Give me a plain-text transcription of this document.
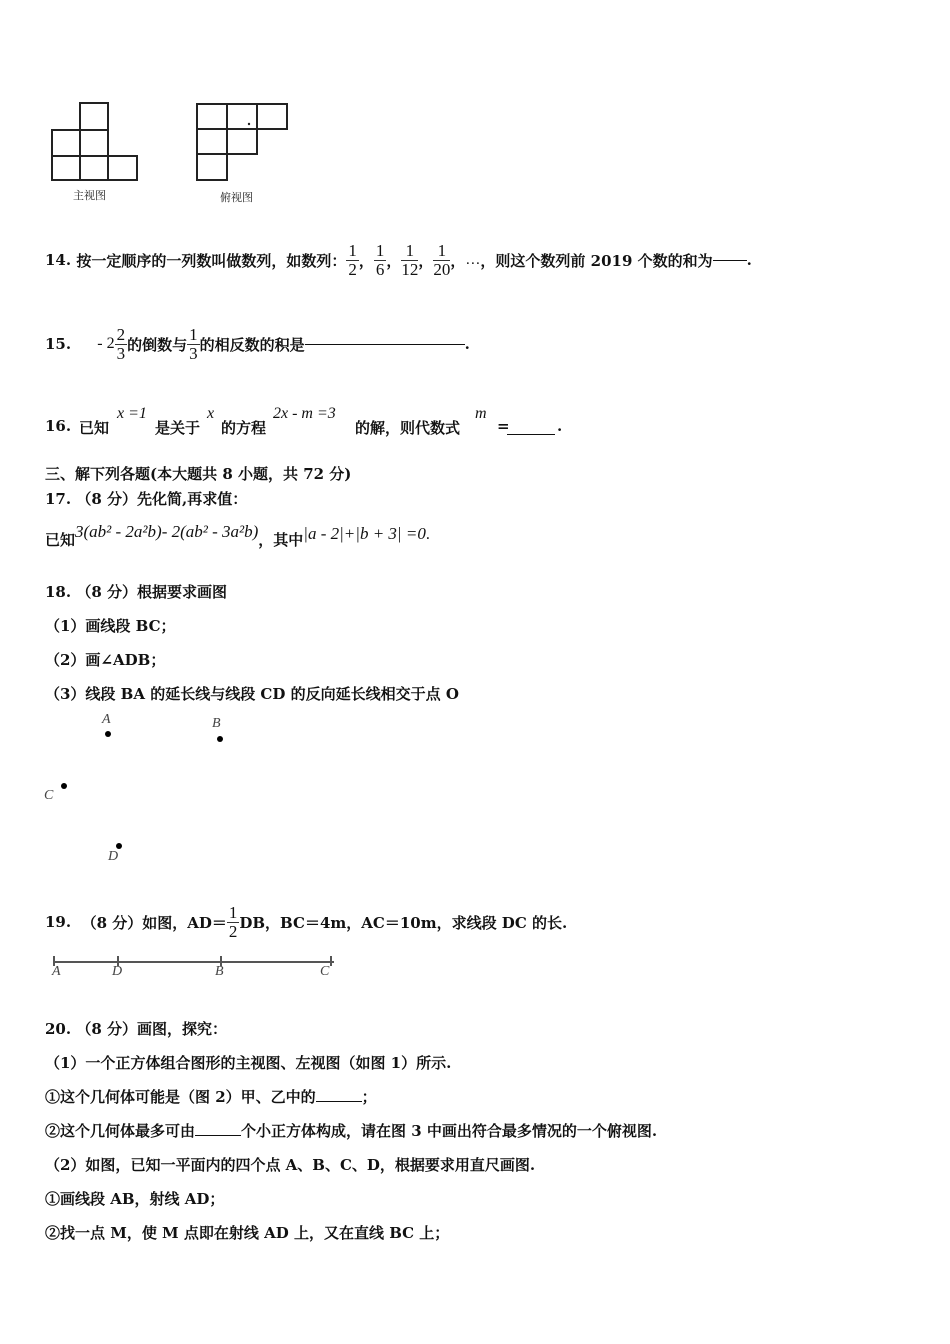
主视图	俯视图
14.
按一定顺序的一列数叫做数列，如数列： $\frac{1}{2}$ ， $\frac{1}{6}$ ， $\frac{1}{12}$ ， $\frac{1}{20}$ ， … ，则这个数列前 2019 个数的和为 .
15.
- $2 \frac{2}{3}$ 的倒数与 $\frac{1}{3}$ 的相反数的积是	.
16. 已知
x =1
是关于
x
的方程
2x - m =3
的解，则代数式
m
=	.
三、解下列各题(本大题共 8 小题，共 72 分)
17. （8 分）先化简,再求值：
已知 3(ab² - 2a²b)- 2(ab² - 3a²b) ，其中 |a - 2|+|b + 3| =0 .
18. （8 分）根据要求画图
（1）画线段 BC；
（2）画∠ADB；
（3）线段 BA 的延长线与线段 CD 的反向延长线相交于点 O
A	B
C
D
19.
（8 分）如图，$AD= \frac{1}{2}$ DB，BC＝4m，AC＝10m，求线段 DC 的长.
A	D	B	C
20. （8 分）画图，探究：
（1）一个正方体组合图形的主视图、左视图（如图 1）所示.
①这个几何体可能是（图 2）甲、乙中的	；
②这个几何体最多可由	个小正方体构成，请在图 3 中画出符合最多情况的一个俯视图.
（2）如图，已知一平面内的四个点 A、B、C、D，根据要求用直尺画图.
①画线段 AB，射线 AD；
②找一点 M，使 M 点即在射线 AD 上，又在直线 BC 上；
